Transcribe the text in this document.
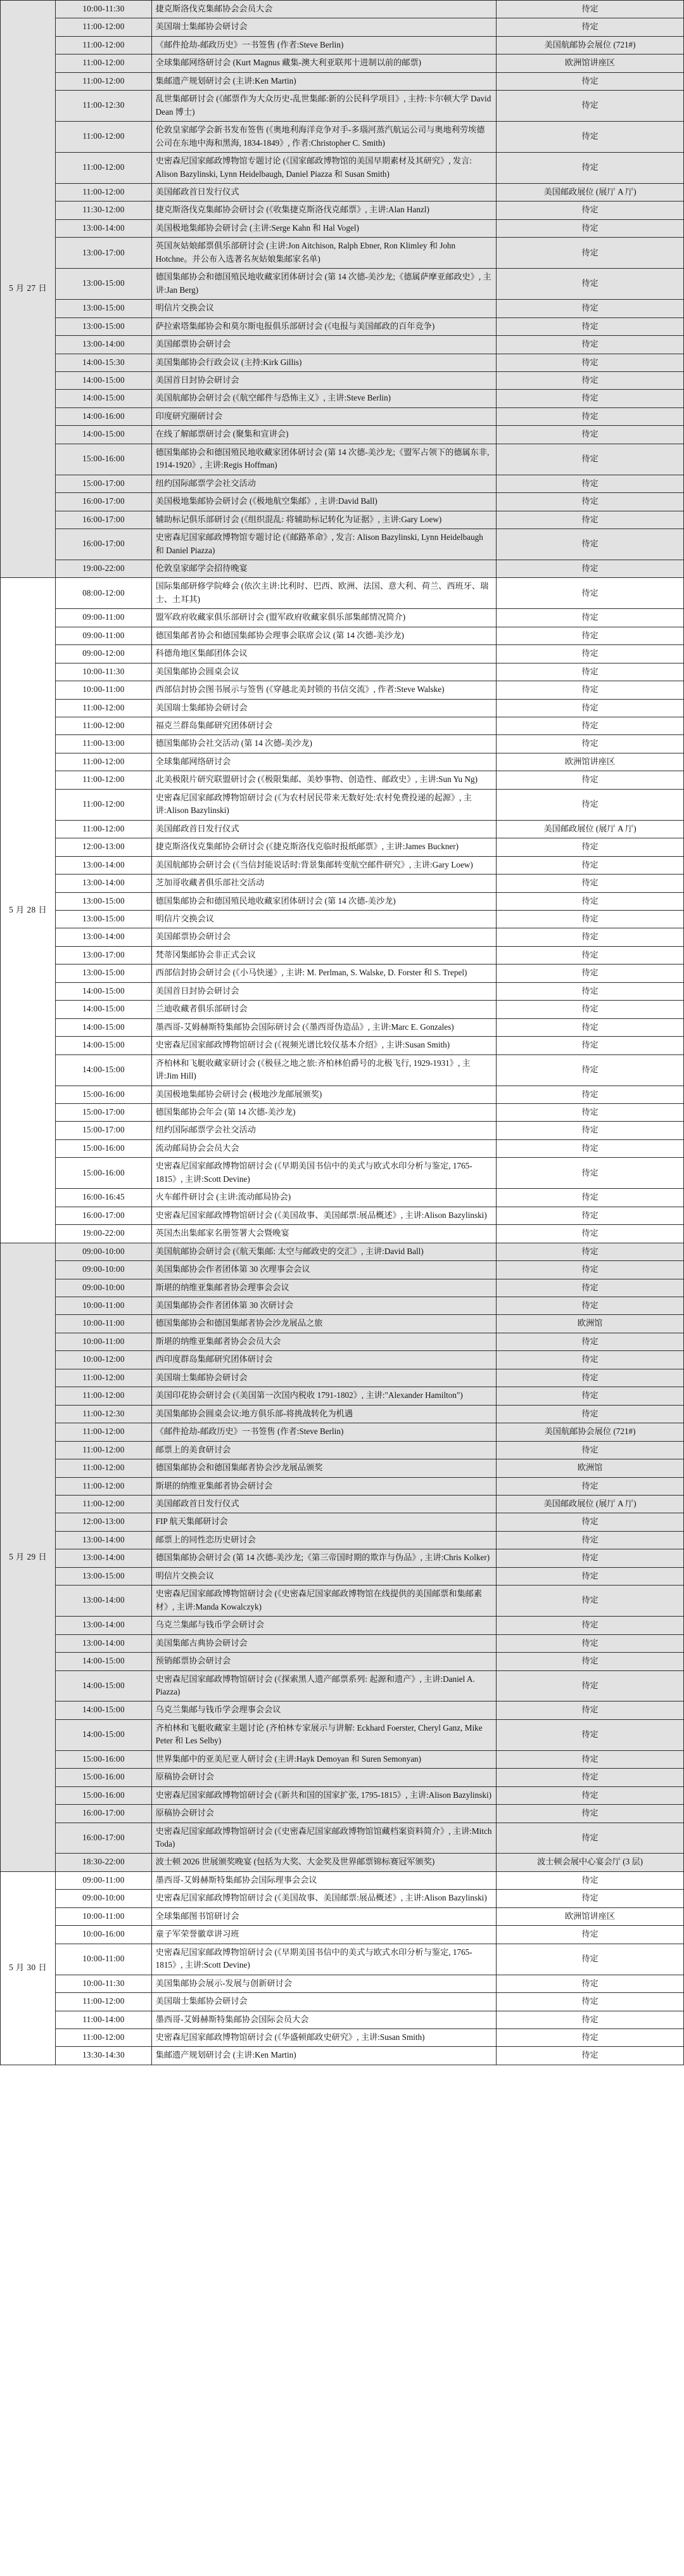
5 月 27 日	10:00-11:30	捷克斯洛伐克集邮协会会员大会	待定
	11:00-12:00	美国瑞士集邮协会研讨会	待定
	11:00-12:00	《邮件抢劫-邮政历史》一书签售 (作者:Steve Berlin)	美国航邮协会展位 (721#)
	11:00-12:00	全球集邮网络研讨会 (Kurt Magnus 藏集-澳大利亚联邦十进制以前的邮票)	欧洲馆讲座区
	11:00-12:00	集邮遗产规划研讨会 (主讲:Ken Martin)	待定
	11:00-12:30	乱世集邮研讨会 (《邮票作为大众历史-乱世集邮:新的公民科学项目》, 主持:卡尔顿大学 David Dean 博士)	待定
	11:00-12:00	伦敦皇家邮学会新书发布签售 (《奥地利海洋竞争对手-多瑙河蒸汽航运公司与奥地利劳埃德公司在东地中海和黑海, 1834-1849》, 作者:Christopher C. Smith)	待定
	11:00-12:00	史密森尼国家邮政博物馆专题讨论 (《国家邮政博物馆的美国早期素材及其研究》, 发言: Alison Bazylinski, Lynn Heidelbaugh, Daniel Piazza 和 Susan Smith)	待定
	11:00-12:00	美国邮政首日发行仪式	美国邮政展位 (展厅 A 厅)
	11:30-12:00	捷克斯洛伐克集邮协会研讨会 (《收集捷克斯洛伐克邮票》, 主讲:Alan Hanzl)	待定
	13:00-14:00	美国极地集邮协会研讨会 (主讲:Serge Kahn 和 Hal Vogel)	待定
	13:00-17:00	英国灰姑娘邮票俱乐部研讨会 (主讲:Jon Aitchison, Ralph Ebner, Ron Klimley 和 John Hotchne。并公布入选著名灰姑娘集邮家名单)	待定
	13:00-15:00	德国集邮协会和德国殖民地收藏家团体研讨会 (第 14 次德-美沙龙;《德属萨摩亚邮政史》, 主讲:Jan Berg)	待定
	13:00-15:00	明信片交换会议	待定
	13:00-15:00	萨拉索塔集邮协会和莫尔斯电报俱乐部研讨会 (《电报与美国邮政的百年竞争)	待定
	13:00-14:00	美国邮票协会研讨会	待定
	14:00-15:30	美国集邮协会行政会议 (主持:Kirk Gillis)	待定
	14:00-15:00	美国首日封协会研讨会	待定
	14:00-15:00	美国航邮协会研讨会 (《航空邮件与恐怖主义》, 主讲:Steve Berlin)	待定
	14:00-16:00	印度研究圈研讨会	待定
	14:00-15:00	在线了解邮票研讨会 (聚集和宣讲会)	待定
	15:00-16:00	德国集邮协会和德国殖民地收藏家团体研讨会 (第 14 次德-美沙龙;《盟军占领下的德属东非, 1914-1920》, 主讲:Regis Hoffman)	待定
	15:00-17:00	纽约国际邮票学会社交活动	待定
	16:00-17:00	美国极地集邮协会研讨会 (《极地航空集邮》, 主讲:David Ball)	待定
	16:00-17:00	辅助标记俱乐部研讨会 (《组织混乱: 将辅助标记转化为证据》, 主讲:Gary Loew)	待定
	16:00-17:00	史密森尼国家邮政博物馆专题讨论 (《邮路革命》, 发言: Alison Bazylinski, Lynn Heidelbaugh 和 Daniel Piazza)	待定
	19:00-22:00	伦敦皇家邮学会招待晚宴	待定
5 月 28 日	08:00-12:00	国际集邮研修学院峰会 (依次主讲:比利时、巴西、欧洲、法国、意大利、荷兰、西班牙、瑞士、土耳其)	待定
	09:00-11:00	盟军政府收藏家俱乐部研讨会 (盟军政府收藏家俱乐部集邮情况简介)	待定
	09:00-11:00	德国集邮者协会和德国集邮协会理事会联席会议 (第 14 次德-美沙龙)	待定
	09:00-12:00	科德角地区集邮团体会议	待定
	10:00-11:30	美国集邮协会圆桌会议	待定
	10:00-11:00	西部信封协会图书展示与签售 (《穿越北美封锁的书信交流》, 作者:Steve Walske)	待定
	11:00-12:00	美国瑞士集邮协会研讨会	待定
	11:00-12:00	福克兰群岛集邮研究团体研讨会	待定
	11:00-13:00	德国集邮协会社交活动 (第 14 次德-美沙龙)	待定
	11:00-12:00	全球集邮网络研讨会	欧洲馆讲座区
	11:00-12:00	北美极限片研究联盟研讨会 (《极限集邮、美妙事物、创造性、邮政史》, 主讲:Sun Yu Ng)	待定
	11:00-12:00	史密森尼国家邮政博物馆研讨会 (《为农村居民带来无数好处:农村免费投递的起源》, 主讲:Alison Bazylinski)	待定
	11:00-12:00	美国邮政首日发行仪式	美国邮政展位 (展厅 A 厅)
	12:00-13:00	捷克斯洛伐克集邮协会研讨会 (《捷克斯洛伐克临时报纸邮票》, 主讲:James Buckner)	待定
	13:00-14:00	美国航邮协会研讨会 (《当信封能说话时:背景集邮转变航空邮件研究》, 主讲:Gary Loew)	待定
	13:00-14:00	芝加哥收藏者俱乐部社交活动	待定
	13:00-15:00	德国集邮协会和德国殖民地收藏家团体研讨会 (第 14 次德-美沙龙)	待定
	13:00-15:00	明信片交换会议	待定
	13:00-14:00	美国邮票协会研讨会	待定
	13:00-17:00	梵蒂冈集邮协会非正式会议	待定
	13:00-15:00	西部信封协会研讨会 (《小马快递》, 主讲: M. Perlman, S. Walske, D. Forster 和 S. Trepel)	待定
	14:00-15:00	美国首日封协会研讨会	待定
	14:00-15:00	兰迪收藏者俱乐部研讨会	待定
	14:00-15:00	墨西哥-艾姆赫斯特集邮协会国际研讨会 (《墨西哥伪造品》, 主讲:Marc E. Gonzales)	待定
	14:00-15:00	史密森尼国家邮政博物馆研讨会 (《视频光谱比较仪基本介绍》, 主讲:Susan Smith)	待定
	14:00-15:00	齐柏林和飞艇收藏家研讨会 (《极昼之地之旅:齐柏林伯爵号的北极飞行, 1929-1931》, 主讲:Jim Hill)	待定
	15:00-16:00	美国极地集邮协会研讨会 (极地沙龙邮展颁奖)	待定
	15:00-17:00	德国集邮协会年会 (第 14 次德-美沙龙)	待定
	15:00-17:00	纽约国际邮票学会社交活动	待定
	15:00-16:00	流动邮局协会会员大会	待定
	15:00-16:00	史密森尼国家邮政博物馆研讨会 (《早期美国书信中的美式与欧式水印分析与鉴定, 1765-1815》, 主讲:Scott Devine)	待定
	16:00-16:45	火车邮件研讨会 (主讲:流动邮局协会)	待定
	16:00-17:00	史密森尼国家邮政博物馆研讨会 (《美国故事、美国邮票:展品概述》, 主讲:Alison Bazylinski)	待定
	19:00-22:00	英国杰出集邮家名册签署大会暨晚宴	待定
5 月 29 日	09:00-10:00	美国航邮协会研讨会 (《航天集邮: 太空与邮政史的交汇》, 主讲:David Ball)	待定
	09:00-10:00	美国集邮协会作者团体第 30 次理事会会议	待定
	09:00-10:00	斯堪的纳维亚集邮者协会理事会会议	待定
	10:00-11:00	美国集邮协会作者团体第 30 次研讨会	待定
	10:00-11:00	德国集邮协会和德国集邮者协会沙龙展品之旅	欧洲馆
	10:00-11:00	斯堪的纳维亚集邮者协会会员大会	待定
	10:00-12:00	西印度群岛集邮研究团体研讨会	待定
	11:00-12:00	美国瑞士集邮协会研讨会	待定
	11:00-12:00	美国印花协会研讨会 (《美国第一次国内税收 1791-1802》, 主讲:"Alexander Hamilton")	待定
	11:00-12:30	美国集邮协会圆桌会议:地方俱乐部-将挑战转化为机遇	待定
	11:00-12:00	《邮件抢劫-邮政历史》一书签售 (作者:Steve Berlin)	美国航邮协会展位 (721#)
	11:00-12:00	邮票上的美食研讨会	待定
	11:00-12:00	德国集邮协会和德国集邮者协会沙龙展品颁奖	欧洲馆
	11:00-12:00	斯堪的纳维亚集邮者协会研讨会	待定
	11:00-12:00	美国邮政首日发行仪式	美国邮政展位 (展厅 A 厅)
	12:00-13:00	FIP 航天集邮研讨会	待定
	13:00-14:00	邮票上的同性恋历史研讨会	待定
	13:00-14:00	德国集邮协会研讨会 (第 14 次德-美沙龙;《第三帝国时期的欺诈与伪品》, 主讲:Chris Kolker)	待定
	13:00-15:00	明信片交换会议	待定
	13:00-14:00	史密森尼国家邮政博物馆研讨会 (《史密森尼国家邮政博物馆在线提供的美国邮票和集邮素材》, 主讲:Manda Kowalczyk)	待定
	13:00-14:00	乌克兰集邮与钱币学会研讨会	待定
	13:00-14:00	美国集邮古典协会研讨会	待定
	14:00-15:00	预销邮票协会研讨会	待定
	14:00-15:00	史密森尼国家邮政博物馆研讨会 (《探索黑人遗产邮票系列: 起源和遗产》, 主讲:Daniel A. Piazza)	待定
	14:00-15:00	乌克兰集邮与钱币学会理事会会议	待定
	14:00-15:00	齐柏林和飞艇收藏家主题讨论 (齐柏林专家展示与讲解: Eckhard Foerster, Cheryl Ganz, Mike Peter 和 Les Selby)	待定
	15:00-16:00	世界集邮中的亚美尼亚人研讨会 (主讲:Hayk Demoyan 和 Suren Semonyan)	待定
	15:00-16:00	原稿协会研讨会	待定
	15:00-16:00	史密森尼国家邮政博物馆研讨会 (《新共和国的国家扩张, 1795-1815》, 主讲:Alison Bazylinski)	待定
	16:00-17:00	原稿协会研讨会	待定
	16:00-17:00	史密森尼国家邮政博物馆研讨会 (《史密森尼国家邮政博物馆馆藏档案资料简介》, 主讲:Mitch Toda)	待定
	18:30-22:00	波士顿 2026 世展颁奖晚宴 (包括为大奖、大金奖及世界邮票锦标赛冠军颁奖)	波士顿会展中心宴会厅 (3 层)
5 月 30 日	09:00-11:00	墨西哥-艾姆赫斯特集邮协会国际理事会会议	待定
	09:00-10:00	史密森尼国家邮政博物馆研讨会 (《美国故事、美国邮票:展品概述》, 主讲:Alison Bazylinski)	待定
	10:00-11:00	全球集邮图书馆研讨会	欧洲馆讲座区
	10:00-16:00	童子军荣誉徽章讲习班	待定
	10:00-11:00	史密森尼国家邮政博物馆研讨会 (《早期美国书信中的美式与欧式水印分析与鉴定, 1765-1815》, 主讲:Scott Devine)	待定
	10:00-11:30	美国集邮协会展示-发展与创新研讨会	待定
	11:00-12:00	美国瑞士集邮协会研讨会	待定
	11:00-14:00	墨西哥-艾姆赫斯特集邮协会国际会员大会	待定
	11:00-12:00	史密森尼国家邮政博物馆研讨会 (《华盛顿邮政史研究》, 主讲:Susan Smith)	待定
	13:30-14:30	集邮遗产规划研讨会 (主讲:Ken Martin)	待定
